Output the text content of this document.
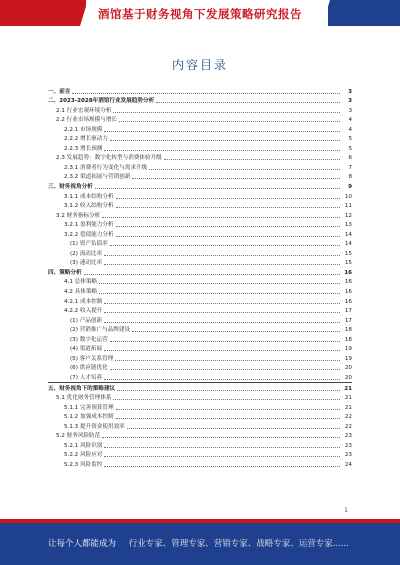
酒馆基于财务视角下发展策略研究报告
内容目录
一、前言	3
二、2023-2028年酒馆行业发展趋势分析	3
2.1 行业宏观环境分析	3
2.2 行业市场规模与增长	4
2.2.1 市场规模	4
2.2.2 增长驱动力	5
2.2.3 增长预测	5
2.3 发展趋势：数字化转型与消费体验升级	6
2.3.1 消费者行为变化与需求升级	7
2.3.2 渠道拓展与营销创新	8
三、财务视角分析	9
3.1.1 成本结构分析	10
3.1.2 收入结构分析	11
3.2 财务指标分析	12
3.2.1 盈利能力分析	13
3.2.2 偿债能力分析	14
(1) 资产负债率	14
(2) 流动比率	15
(3) 速动比率	15
四、策略分析	16
4.1 总体策略	16
4.2 具体策略	16
4.2.1 成本控制	16
4.2.2 收入提升	17
(1) 产品创新	17
(2) 营销推广与品牌建设	18
(3) 数字化运营	18
(4) 渠道拓展	19
(5) 客户关系管理	19
(6) 供应链优化	20
(7) 人才培养	20
五、财务视角下的策略建议	21
5.1 优化财务管理体系	21
5.1.1 完善预算管理	21
5.1.2 加强成本控制	22
5.1.3 提升资金使用效率	22
5.2 财务风险防范	23
5.2.1 风险识别	23
5.2.2 风险应对	23
5.2.3 风险监控	24
1
让每个人都能成为 行业专家、管理专家、营销专家、战略专家、运营专家......
